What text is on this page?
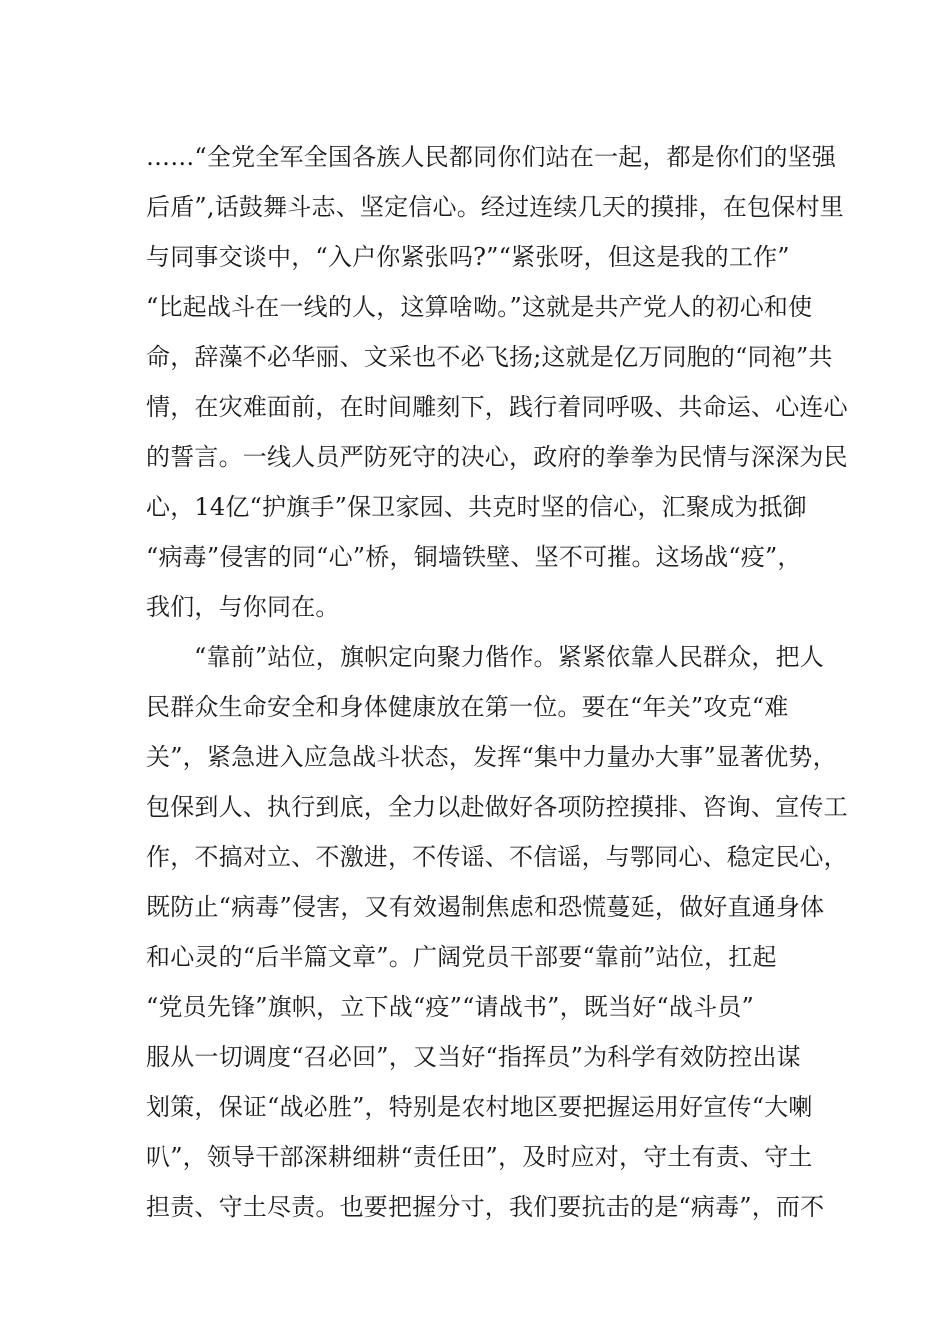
……“全党全军全国各族人民都同你们站在一起，都是你们的坚强
后盾”,话鼓舞斗志、坚定信心。经过连续几天的摸排，在包保村里
与同事交谈中，“入户你紧张吗?”“紧张呀，但这是我的工作”
“比起战斗在一线的人，这算啥呦。”这就是共产党人的初心和使
命，辞藻不必华丽、文采也不必飞扬;这就是亿万同胞的“同袍”共
情，在灾难面前，在时间雕刻下，践行着同呼吸、共命运、心连心
的誓言。一线人员严防死守的决心，政府的拳拳为民情与深深为民
心，14亿“护旗手”保卫家园、共克时坚的信心，汇聚成为抵御
“病毒”侵害的同“心”桥，铜墙铁壁、坚不可摧。这场战“疫”，
我们，与你同在。
“靠前”站位，旗帜定向聚力偕作。紧紧依靠人民群众，把人
民群众生命安全和身体健康放在第一位。要在“年关”攻克“难
关”，紧急进入应急战斗状态，发挥“集中力量办大事”显著优势，
包保到人、执行到底，全力以赴做好各项防控摸排、咨询、宣传工
作，不搞对立、不激进，不传谣、不信谣，与鄂同心、稳定民心，
既防止“病毒”侵害，又有效遏制焦虑和恐慌蔓延，做好直通身体
和心灵的“后半篇文章”。广阔党员干部要“靠前”站位，扛起
“党员先锋”旗帜，立下战“疫”“请战书”，既当好“战斗员”
服从一切调度“召必回”，又当好“指挥员”为科学有效防控出谋
划策，保证“战必胜”，特别是农村地区要把握运用好宣传“大喇
叭”，领导干部深耕细耕“责任田”，及时应对，守土有责、守土
担责、守土尽责。也要把握分寸，我们要抗击的是“病毒”，而不
